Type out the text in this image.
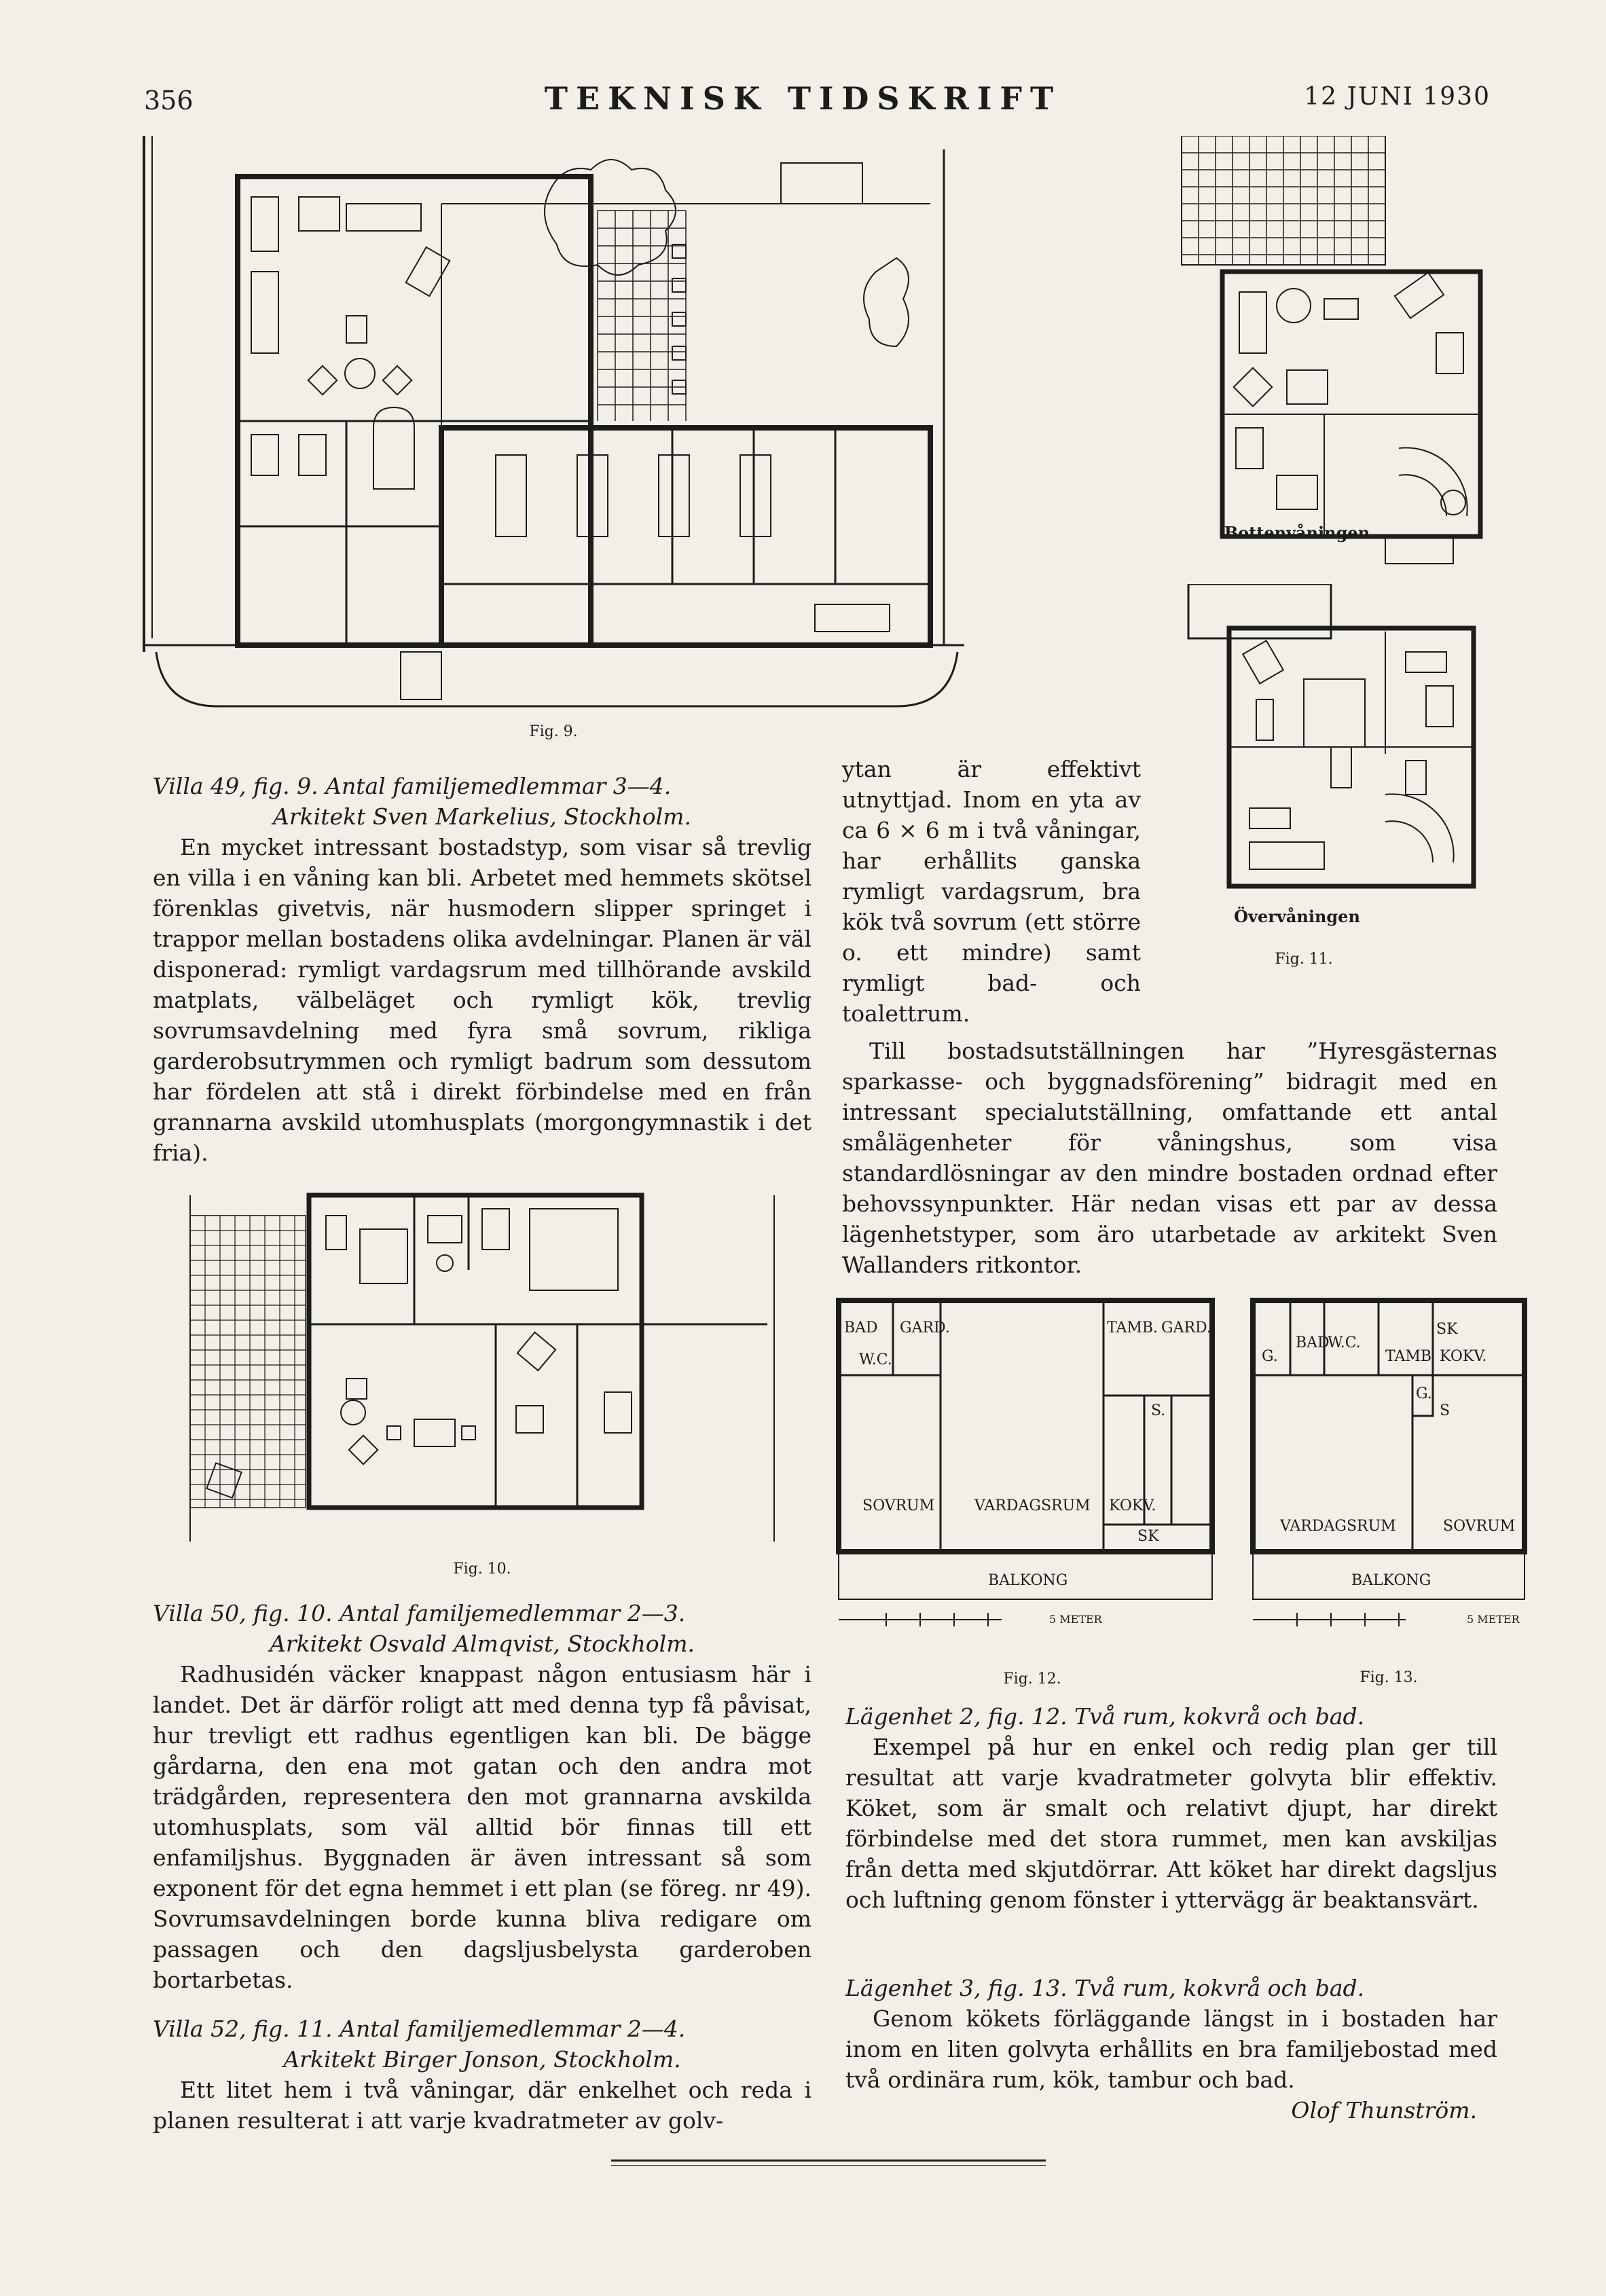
356	TEKNISK TIDSKRIFT	12 JUNI 1930
Fig. 9.
Bottenvåningen
Övervåningen
Fig. 11.

Villa 49, fig. 9. Antal familjemedlemmar 3—4.

Arkitekt Sven Markelius, Stockholm.

En mycket intressant bostadstyp, som visar så trevlig en villa i en våning kan bli. Arbetet med hemmets skötsel förenklas givetvis, när husmodern slipper springet i trappor mellan bostadens olika avdelningar. Planen är väl disponerad: rymligt vardagsrum med tillhörande avskild matplats, välbeläget och rymligt kök, trevlig sovrumsavdelning med fyra små sovrum, rikliga garderobsutrymmen och rymligt badrum som dessutom har fördelen att stå i direkt förbindelse med en från grannarna avskild utomhusplats (morgongymnastik i det fria).

ytan är effektivt utnyttjad. Inom en yta av ca 6 × 6 m i två våningar, har erhållits ganska rymligt vardagsrum, bra kök två sovrum (ett större o. ett mindre) samt rymligt bad- och toalettrum.

Till bostadsutställningen har ”Hyresgästernas sparkasse- och byggnadsförening” bidragit med en intressant specialutställning, omfattande ett antal smålägenheter för våningshus, som visa standardlösningar av den mindre bostaden ordnad efter behovssynpunkter. Här nedan visas ett par av dessa lägenhetstyper, som äro utarbetade av arkitekt Sven Wallanders ritkontor.

Fig. 10.
BAD GARD.
W.C.
TAMB. GARD.
S.
SOVRUM	VARDAGSRUM KOKV.
SK
BALKONG
5 METER
Fig. 12.
BAD
W.C.
G.	TAMB
SK
KOKV.
G.
S
VARDAGSRUM	SOVRUM
BALKONG
5 METER
Fig. 13.

Villa 50, fig. 10. Antal familjemedlemmar 2—3.

Arkitekt Osvald Almqvist, Stockholm.

Radhusidén väcker knappast någon entusiasm här i landet. Det är därför roligt att med denna typ få påvisat, hur trevligt ett radhus egentligen kan bli. De bägge gårdarna, den ena mot gatan och den andra mot trädgården, representera den mot grannarna avskilda utomhusplats, som väl alltid bör finnas till ett enfamiljshus. Byggnaden är även intressant så som exponent för det egna hemmet i ett plan (se föreg. nr 49). Sovrumsavdelningen borde kunna bliva redigare om passagen och den dagsljusbelysta garderoben bortarbetas.

Villa 52, fig. 11. Antal familjemedlemmar 2—4.

Arkitekt Birger Jonson, Stockholm.

Ett litet hem i två våningar, där enkelhet och reda i planen resulterat i att varje kvadratmeter av golv-

Lägenhet 2, fig. 12. Två rum, kokvrå och bad.

Exempel på hur en enkel och redig plan ger till resultat att varje kvadratmeter golvyta blir effektiv. Köket, som är smalt och relativt djupt, har direkt förbindelse med det stora rummet, men kan avskiljas från detta med skjutdörrar. Att köket har direkt dagsljus och luftning genom fönster i yttervägg är beaktansvärt.

Lägenhet 3, fig. 13. Två rum, kokvrå och bad.

Genom kökets förläggande längst in i bostaden har inom en liten golvyta erhållits en bra familjebostad med två ordinära rum, kök, tambur och bad.

Olof Thunström.
